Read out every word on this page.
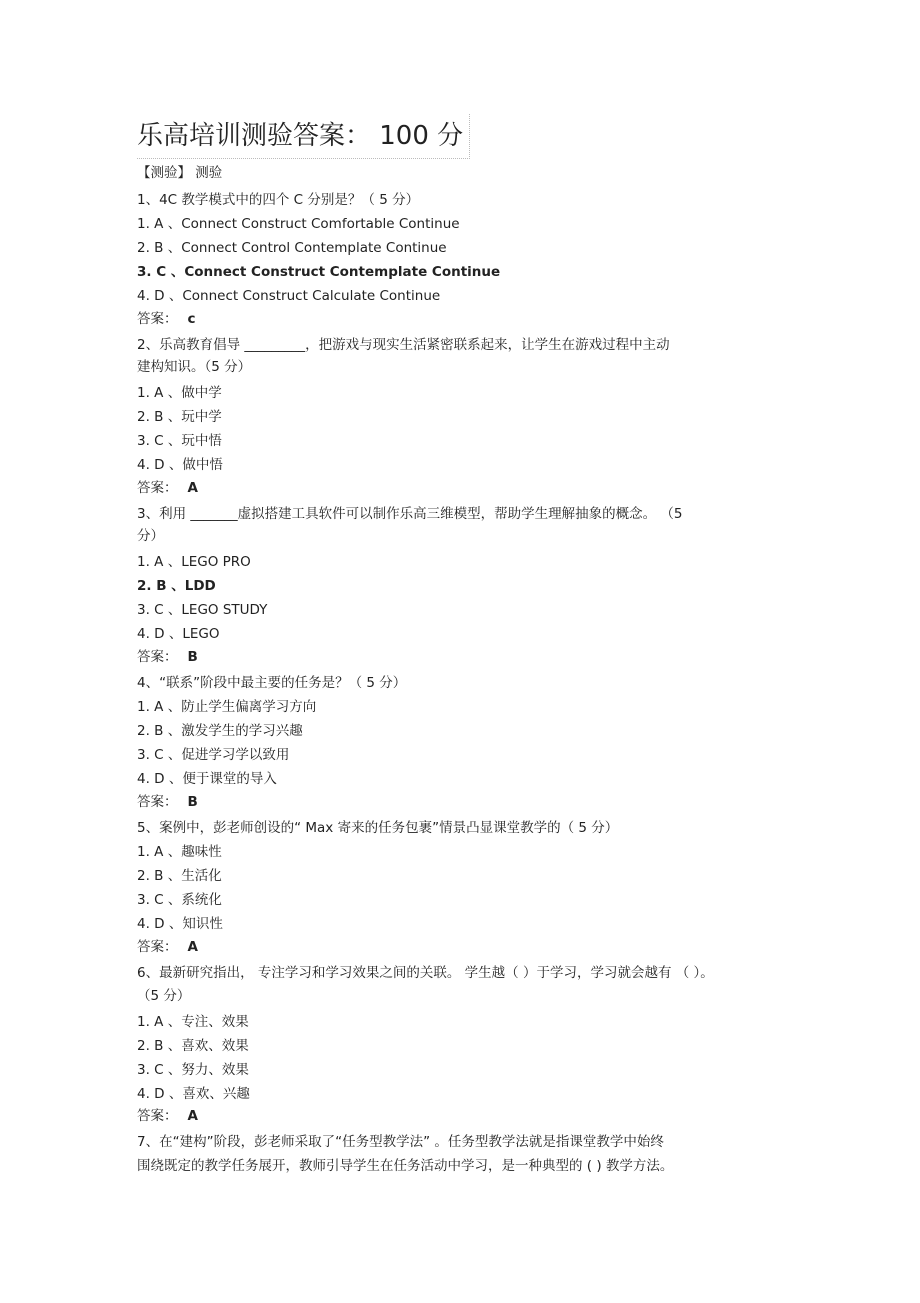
乐高培训测验答案： 100 分
【测验】 测验
1、4C 教学模式中的四个 C 分别是？（ 5 分）
1. A 、Connect Construct Comfortable Continue
2. B 、Connect Control Contemplate Continue
3. C 、Connect Construct Contemplate Continue
4. D 、Connect Construct Calculate Continue
答案： c
2、乐高教育倡导 _________，把游戏与现实生活紧密联系起来，让学生在游戏过程中主动
建构知识。（5 分）
1. A 、做中学
2. B 、玩中学
3. C 、玩中悟
4. D 、做中悟
答案： A
3、利用 _______虚拟搭建工具软件可以制作乐高三维模型，帮助学生理解抽象的概念。 （5
分）
1. A 、LEGO PRO
2. B 、LDD
3. C 、LEGO STUDY
4. D 、LEGO
答案： B
4、“联系”阶段中最主要的任务是？（ 5 分）
1. A 、防止学生偏离学习方向
2. B 、激发学生的学习兴趣
3. C 、促进学习学以致用
4. D 、便于课堂的导入
答案： B
5、案例中，彭老师创设的“ Max 寄来的任务包裹”情景凸显课堂教学的（ 5 分）
1. A 、趣味性
2. B 、生活化
3. C 、系统化
4. D 、知识性
答案： A
6、最新研究指出， 专注学习和学习效果之间的关联。 学生越（ ）于学习，学习就会越有 （ ）。
（5 分）
1. A 、专注、效果
2. B 、喜欢、效果
3. C 、努力、效果
4. D 、喜欢、兴趣
答案： A
7、在“建构”阶段，彭老师采取了“任务型教学法” 。任务型教学法就是指课堂教学中始终
围绕既定的教学任务展开，教师引导学生在任务活动中学习，是一种典型的 ( ) 教学方法。
